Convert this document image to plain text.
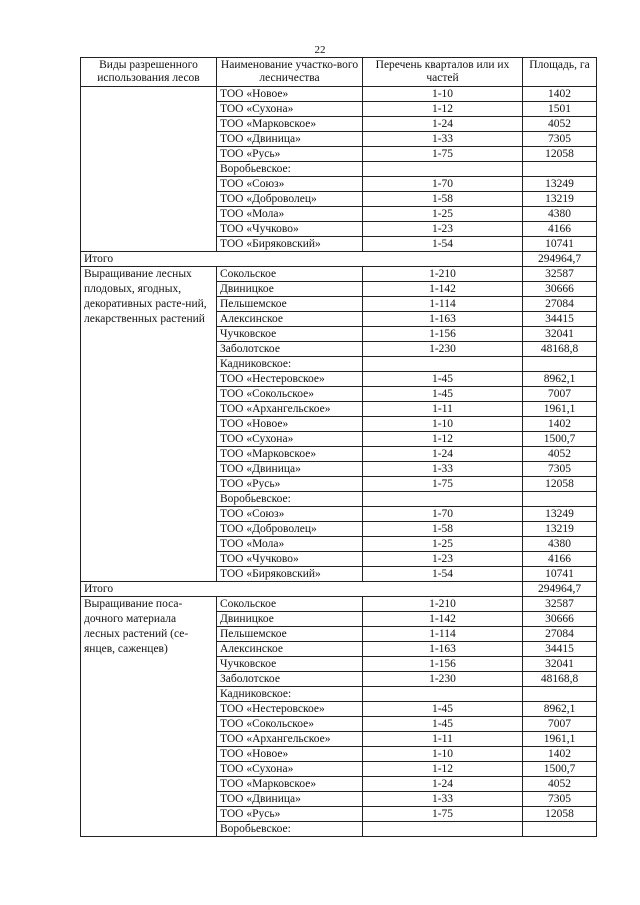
22
Виды разрешенного использования лесов	Наименование участко-вого лесничества	Перечень кварталов или их частей	Площадь, га
	ТОО «Новое»	1-10	1402
	ТОО «Сухона»	1-12	1501
	ТОО «Марковское»	1-24	4052
	ТОО «Двиница»	1-33	7305
	ТОО «Русь»	1-75	12058
	Воробьевское:		
	ТОО «Союз»	1-70	13249
	ТОО «Доброволец»	1-58	13219
	ТОО «Мола»	1-25	4380
	ТОО «Чучково»	1-23	4166
	ТОО «Биряковский»	1-54	10741
Итого			294964,7
Выращивание лесных плодовых, ягодных, декоративных расте-ний, лекарственных растений	Сокольское	1-210	32587
	Двиницкое	1-142	30666
	Пельшемское	1-114	27084
	Алексинское	1-163	34415
	Чучковское	1-156	32041
	Заболотское	1-230	48168,8
	Кадниковское:		
	ТОО «Нестеровское»	1-45	8962,1
	ТОО «Сокольское»	1-45	7007
	ТОО «Архангельское»	1-11	1961,1
	ТОО «Новое»	1-10	1402
	ТОО «Сухона»	1-12	1500,7
	ТОО «Марковское»	1-24	4052
	ТОО «Двиница»	1-33	7305
	ТОО «Русь»	1-75	12058
	Воробьевское:		
	ТОО «Союз»	1-70	13249
	ТОО «Доброволец»	1-58	13219
	ТОО «Мола»	1-25	4380
	ТОО «Чучково»	1-23	4166
	ТОО «Биряковский»	1-54	10741
Итого			294964,7
Выращивание поса-дочного материала лесных растений (се-янцев, саженцев)	Сокольское	1-210	32587
	Двиницкое	1-142	30666
	Пельшемское	1-114	27084
	Алексинское	1-163	34415
	Чучковское	1-156	32041
	Заболотское	1-230	48168,8
	Кадниковское:		
	ТОО «Нестеровское»	1-45	8962,1
	ТОО «Сокольское»	1-45	7007
	ТОО «Архангельское»	1-11	1961,1
	ТОО «Новое»	1-10	1402
	ТОО «Сухона»	1-12	1500,7
	ТОО «Марковское»	1-24	4052
	ТОО «Двиница»	1-33	7305
	ТОО «Русь»	1-75	12058
	Воробьевское:		
